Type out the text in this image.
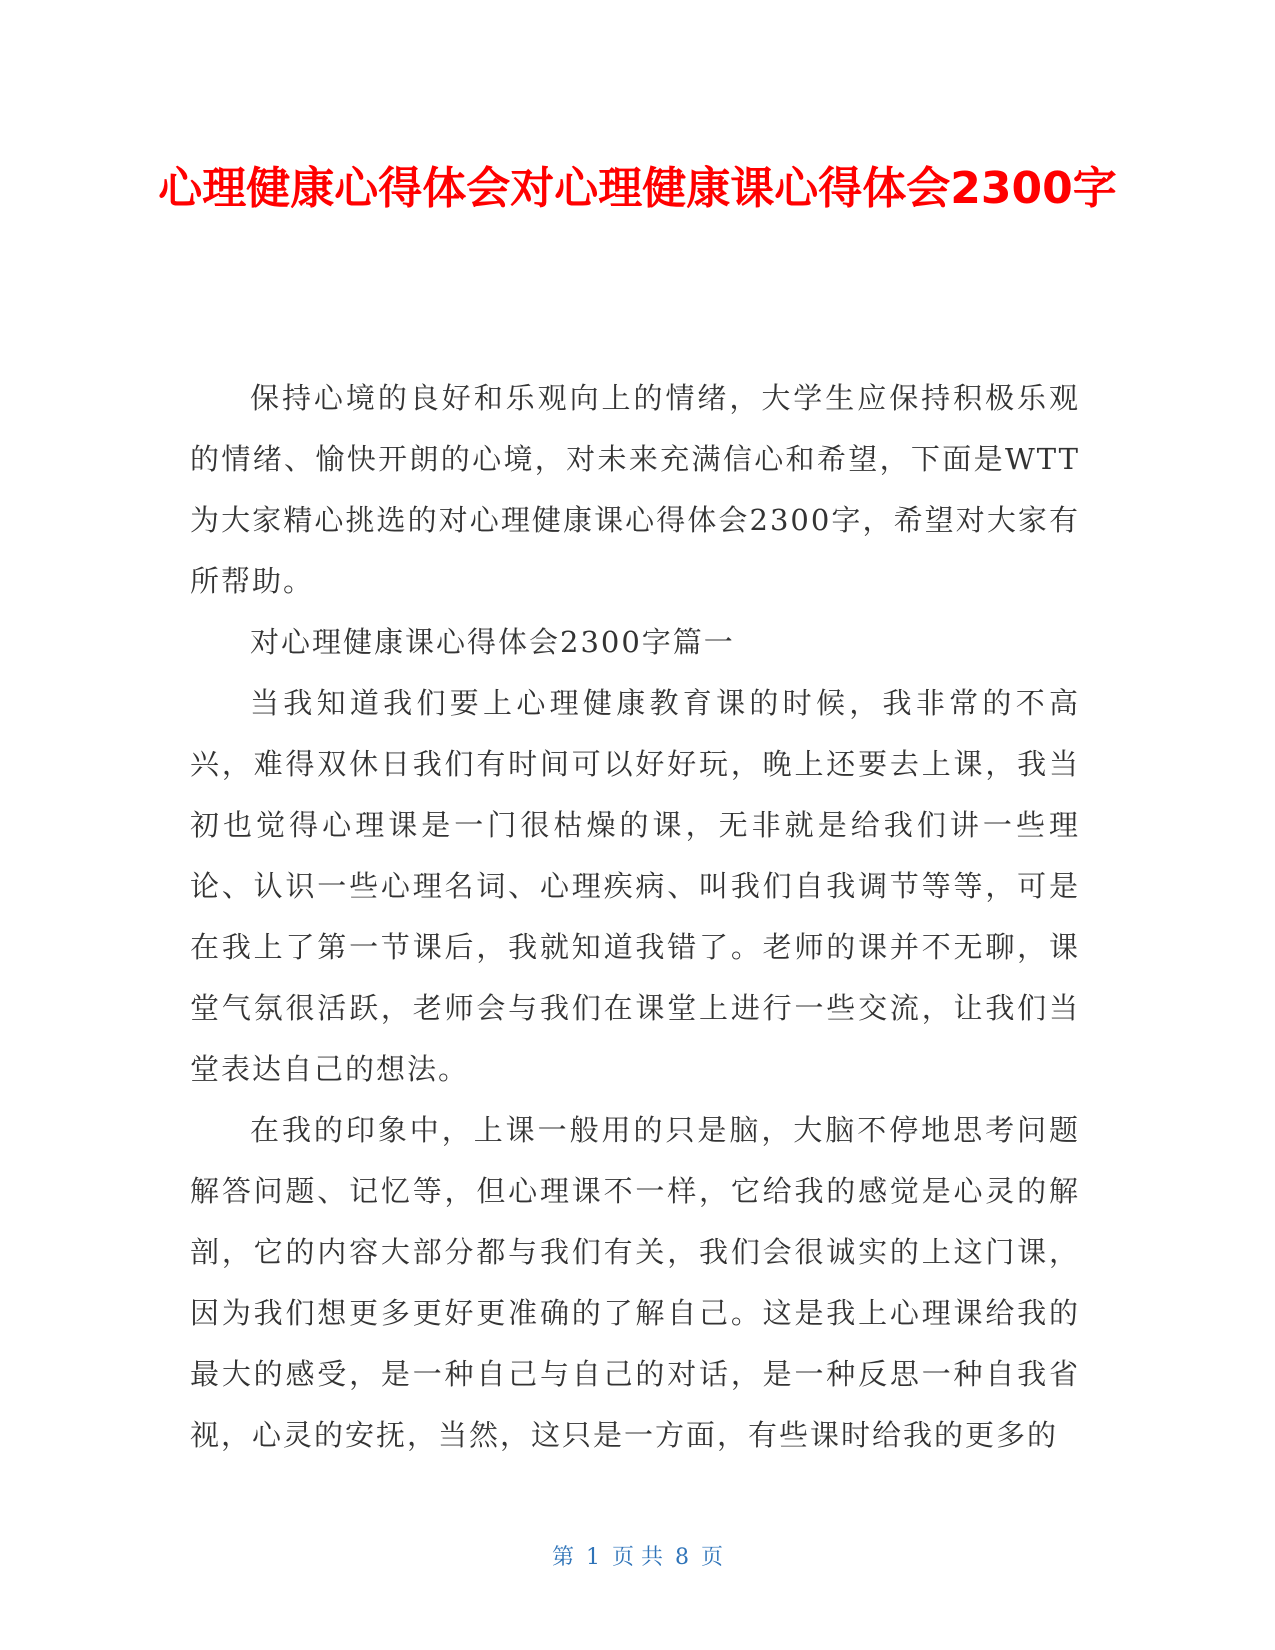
心理健康心得体会对心理健康课心得体会2300字

保持心境的良好和乐观向上的情绪，大学生应保持积极乐观的情绪、愉快开朗的心境，对未来充满信心和希望，下面是WTT为大家精心挑选的对心理健康课心得体会2300字，希望对大家有所帮助。

对心理健康课心得体会2300字篇一

当我知道我们要上心理健康教育课的时候，我非常的不高兴，难得双休日我们有时间可以好好玩，晚上还要去上课，我当初也觉得心理课是一门很枯燥的课，无非就是给我们讲一些理论、认识一些心理名词、心理疾病、叫我们自我调节等等，可是在我上了第一节课后，我就知道我错了。老师的课并不无聊，课堂气氛很活跃，老师会与我们在课堂上进行一些交流，让我们当堂表达自己的想法。

在我的印象中，上课一般用的只是脑，大脑不停地思考问题解答问题、记忆等，但心理课不一样，它给我的感觉是心灵的解剖，它的内容大部分都与我们有关，我们会很诚实的上这门课，因为我们想更多更好更准确的了解自己。这是我上心理课给我的最大的感受，是一种自己与自己的对话，是一种反思一种自我省视，心灵的安抚，当然，这只是一方面，有些课时给我的更多的

第 1 页 共 8 页
